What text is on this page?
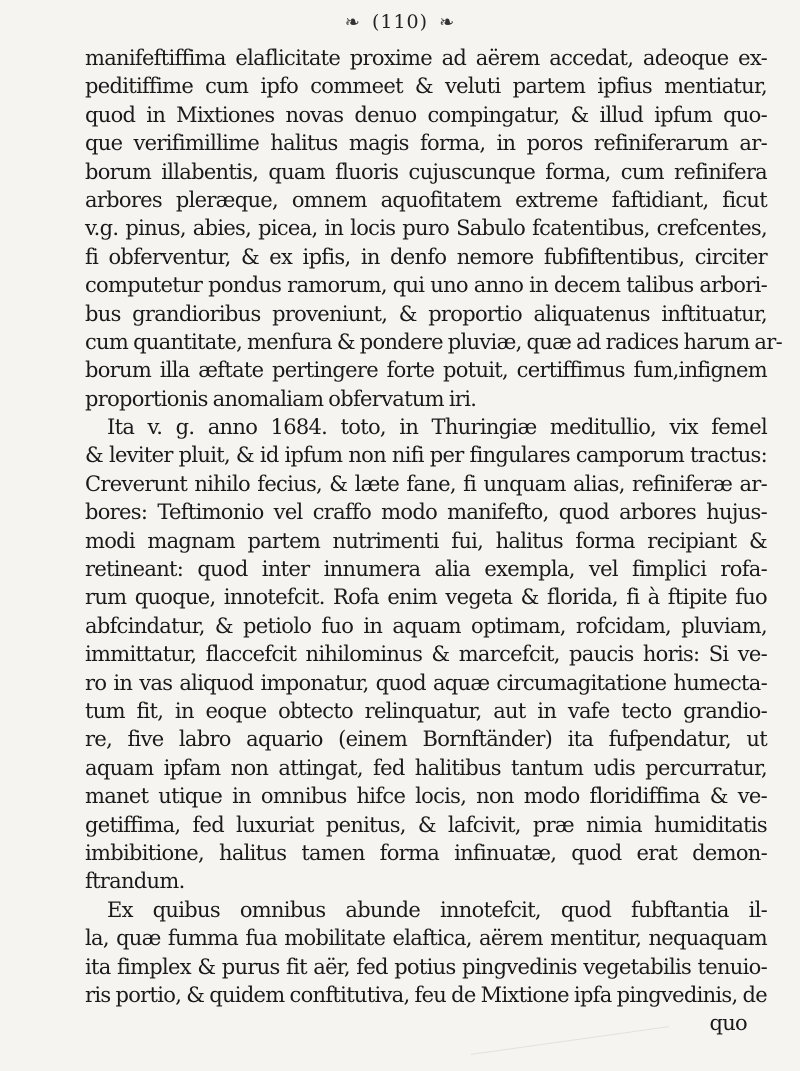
❧ (110) ❧
manifeftiffima elaflicitate proxime ad aërem accedat, adeoque ex-
peditiffime cum ipfo commeet & veluti partem ipfius mentiatur,
quod in Mixtiones novas denuo compingatur, & illud ipfum quo-
que verifimillime halitus magis forma, in poros refiniferarum ar-
borum illabentis, quam fluoris cujuscunque forma, cum refinifera
arbores pleræque, omnem aquofitatem extreme faftidiant, ficut
v.g. pinus, abies, picea, in locis puro Sabulo fcatentibus, crefcentes,
fi obferventur, & ex ipfis, in denfo nemore fubfiftentibus, circiter
computetur pondus ramorum, qui uno anno in decem talibus arbori-
bus grandioribus proveniunt, & proportio aliquatenus inftituatur,
cum quantitate, menfura & pondere pluviæ, quæ ad radices harum ar-
borum illa æftate pertingere forte potuit, certiffimus fum,infignem
proportionis anomaliam obfervatum iri.
Ita v. g. anno 1684. toto, in Thuringiæ meditullio, vix femel
& leviter pluit, & id ipfum non nifi per fingulares camporum tractus:
Creverunt nihilo fecius, & læte fane, fi unquam alias, refiniferæ ar-
bores: Teftimonio vel craffo modo manifefto, quod arbores hujus-
modi magnam partem nutrimenti fui, halitus forma recipiant &
retineant: quod inter innumera alia exempla, vel fimplici rofa-
rum quoque, innotefcit. Rofa enim vegeta & florida, fi à ftipite fuo
abfcindatur, & petiolo fuo in aquam optimam, rofcidam, pluviam,
immittatur, flaccefcit nihilominus & marcefcit, paucis horis: Si ve-
ro in vas aliquod imponatur, quod aquæ circumagitatione humecta-
tum fit, in eoque obtecto relinquatur, aut in vafe tecto grandio-
re, five labro aquario (einem Bornftänder) ita fufpendatur, ut
aquam ipfam non attingat, fed halitibus tantum udis percurratur,
manet utique in omnibus hifce locis, non modo floridiffima & ve-
getiffima, fed luxuriat penitus, & lafcivit, præ nimia humiditatis
imbibitione, halitus tamen forma infinuatæ, quod erat demon-
ftrandum.
Ex quibus omnibus abunde innotefcit, quod fubftantia il-
la, quæ fumma fua mobilitate elaftica, aërem mentitur, nequaquam
ita fimplex & purus fit aër, fed potius pingvedinis vegetabilis tenuio-
ris portio, & quidem conftitutiva, feu de Mixtione ipfa pingvedinis, de
quo
